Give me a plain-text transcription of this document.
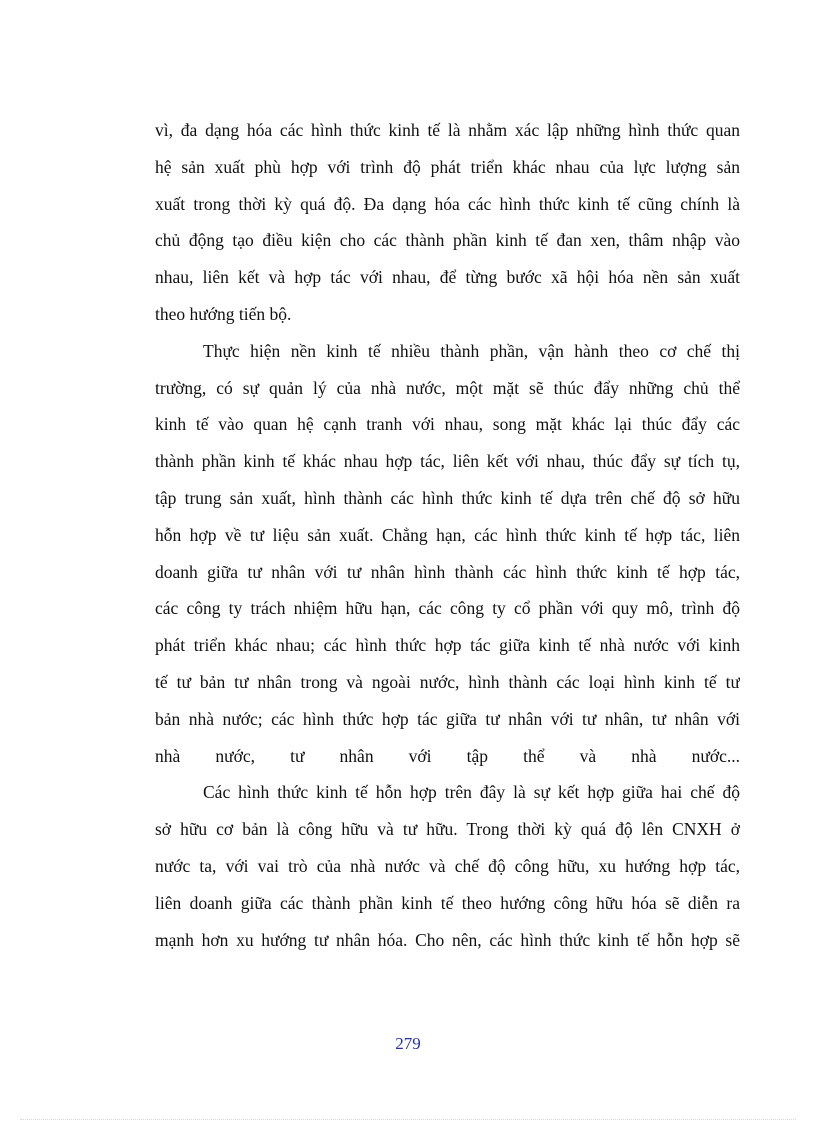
vì, đa dạng hóa các hình thức kinh tế là nhằm xác lập những hình thức quan
hệ sản xuất phù hợp với trình độ phát triển khác nhau của lực lượng sản
xuất trong thời kỳ quá độ. Đa dạng hóa các hình thức kinh tế cũng chính là
chủ động tạo điều kiện cho các thành phần kinh tế đan xen, thâm nhập vào
nhau, liên kết và hợp tác với nhau, để từng bước xã hội hóa nền sản xuất
theo hướng tiến bộ.
Thực hiện nền kinh tế nhiều thành phần, vận hành theo cơ chế thị
trường, có sự quản lý của nhà nước, một mặt sẽ thúc đẩy những chủ thể
kinh tế vào quan hệ cạnh tranh với nhau, song mặt khác lại thúc đẩy các
thành phần kinh tế khác nhau hợp tác, liên kết với nhau, thúc đẩy sự tích tụ,
tập trung sản xuất, hình thành các hình thức kinh tế dựa trên chế độ sở hữu
hỗn hợp về tư liệu sản xuất. Chẳng hạn, các hình thức kinh tế hợp tác, liên
doanh giữa tư nhân với tư nhân hình thành các hình thức kinh tế hợp tác,
các công ty trách nhiệm hữu hạn, các công ty cổ phần với quy mô, trình độ
phát triển khác nhau; các hình thức hợp tác giữa kinh tế nhà nước với kinh
tế tư bản tư nhân trong và ngoài nước, hình thành các loại hình kinh tế tư
bản nhà nước; các hình thức hợp tác giữa tư nhân với tư nhân, tư nhân với
nhà nước, tư nhân với tập thể và nhà nước...
Các hình thức kinh tế hỗn hợp trên đây là sự kết hợp giữa hai chế độ
sở hữu cơ bản là công hữu và tư hữu. Trong thời kỳ quá độ lên CNXH ở
nước ta, với vai trò của nhà nước và chế độ công hữu, xu hướng hợp tác,
liên doanh giữa các thành phần kinh tế theo hướng công hữu hóa sẽ diễn ra
mạnh hơn xu hướng tư nhân hóa. Cho nên, các hình thức kinh tế hỗn hợp sẽ
279
